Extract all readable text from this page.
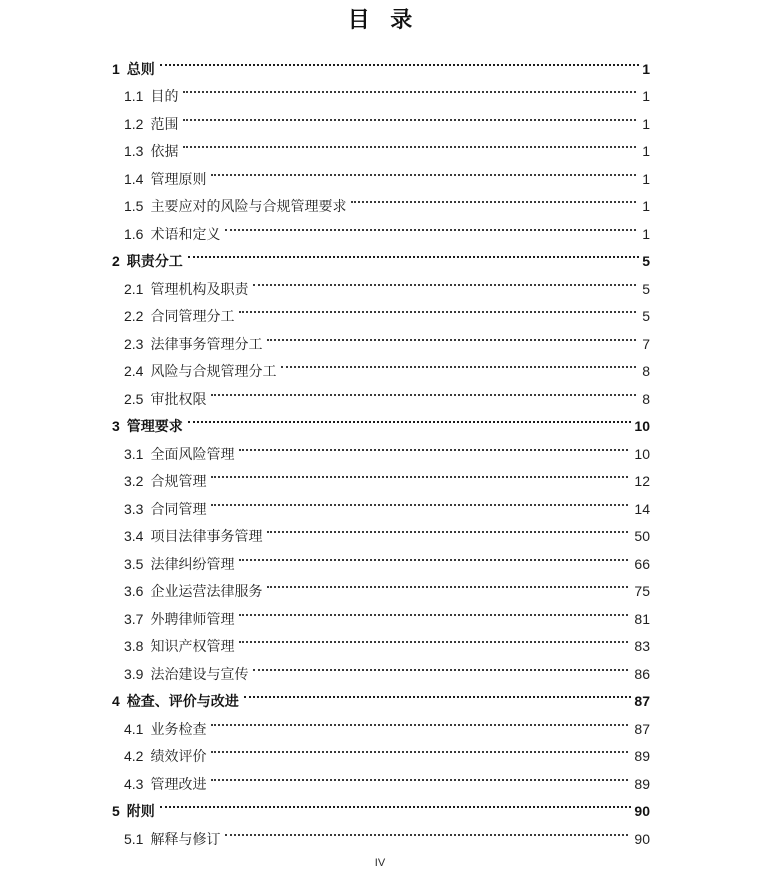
目 录
1 总则	1
1.1 目的	1
1.2 范围	1
1.3 依据	1
1.4 管理原则	1
1.5 主要应对的风险与合规管理要求	1
1.6 术语和定义	1
2 职责分工	5
2.1 管理机构及职责	5
2.2 合同管理分工	5
2.3 法律事务管理分工	7
2.4 风险与合规管理分工	8
2.5 审批权限	8
3 管理要求	10
3.1 全面风险管理	10
3.2 合规管理	12
3.3 合同管理	14
3.4 项目法律事务管理	50
3.5 法律纠纷管理	66
3.6 企业运营法律服务	75
3.7 外聘律师管理	81
3.8 知识产权管理	83
3.9 法治建设与宣传	86
4 检查、评价与改进	87
4.1 业务检查	87
4.2 绩效评价	89
4.3 管理改进	89
5 附则	90
5.1 解释与修订	90
IV
